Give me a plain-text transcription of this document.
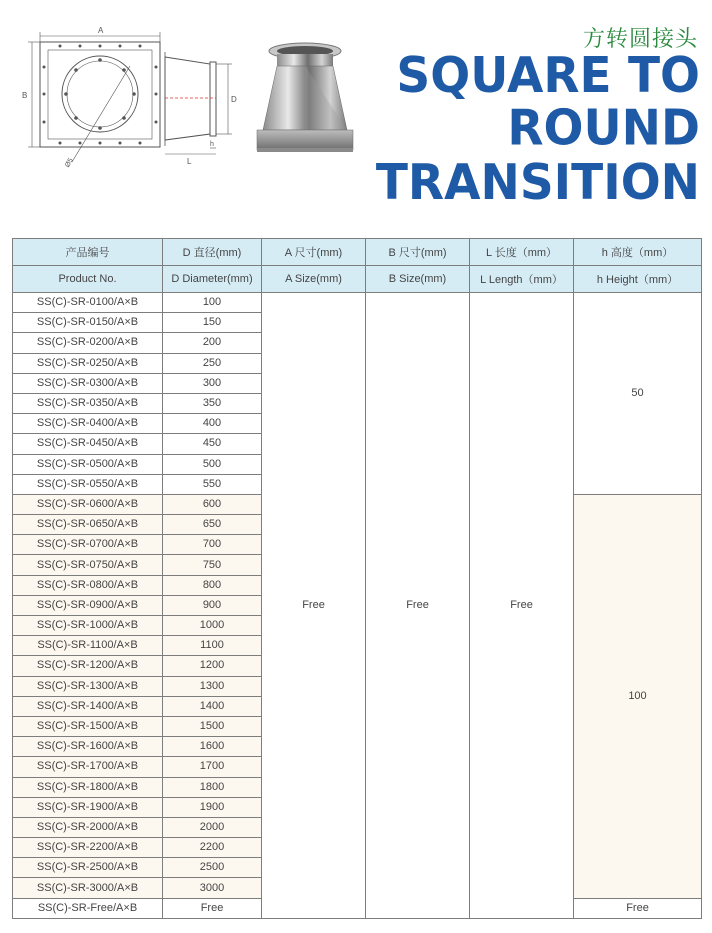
A
B
Ø5
D
L
h
方转圆接头
SQUARE TO
ROUND TRANSITION
产品编号	D 直径(mm)	A 尺寸(mm)	B 尺寸(mm)	L 长度（mm）	h 高度（mm）
Product No.	D Diameter(mm)	A Size(mm)	B Size(mm)	L Length（mm）	h Height（mm）
SS(C)-SR-0100/A×B	100	Free	Free	Free	50
SS(C)-SR-0150/A×B	150				
SS(C)-SR-0200/A×B	200				
SS(C)-SR-0250/A×B	250				
SS(C)-SR-0300/A×B	300				
SS(C)-SR-0350/A×B	350				
SS(C)-SR-0400/A×B	400				
SS(C)-SR-0450/A×B	450				
SS(C)-SR-0500/A×B	500				
SS(C)-SR-0550/A×B	550				
SS(C)-SR-0600/A×B	600				100
SS(C)-SR-0650/A×B	650				
SS(C)-SR-0700/A×B	700				
SS(C)-SR-0750/A×B	750				
SS(C)-SR-0800/A×B	800				
SS(C)-SR-0900/A×B	900				
SS(C)-SR-1000/A×B	1000				
SS(C)-SR-1100/A×B	1100				
SS(C)-SR-1200/A×B	1200				
SS(C)-SR-1300/A×B	1300				
SS(C)-SR-1400/A×B	1400				
SS(C)-SR-1500/A×B	1500				
SS(C)-SR-1600/A×B	1600				
SS(C)-SR-1700/A×B	1700				
SS(C)-SR-1800/A×B	1800				
SS(C)-SR-1900/A×B	1900				
SS(C)-SR-2000/A×B	2000				
SS(C)-SR-2200/A×B	2200				
SS(C)-SR-2500/A×B	2500				
SS(C)-SR-3000/A×B	3000				
SS(C)-SR-Free/A×B	Free				Free
